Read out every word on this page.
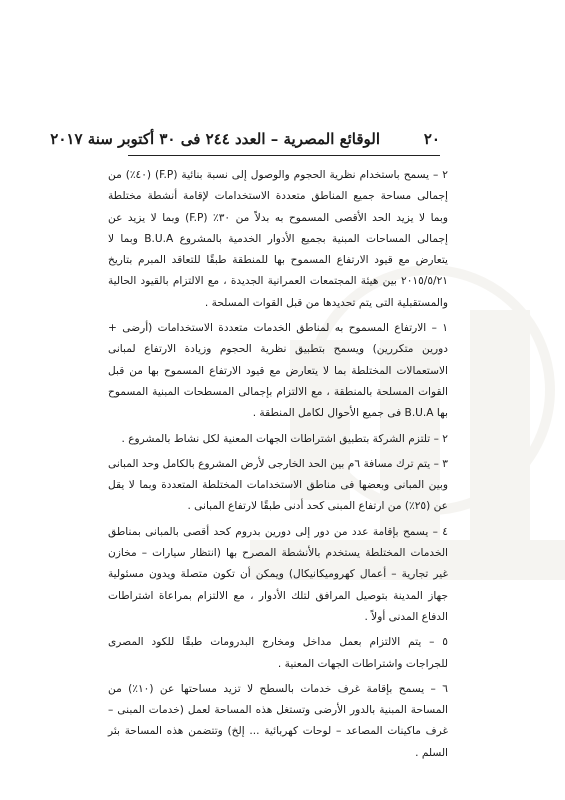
٢٠
الوقائع المصرية – العدد ٢٤٤ فى ٣٠ أكتوبر سنة ٢٠١٧

٢ – يسمح باستخدام نظرية الحجوم والوصول إلى نسبة بنائية (F.P) (٤٠٪) من إجمالى مساحة جميع المناطق متعددة الاستخدامات لإقامة أنشطة مختلطة وبما لا يزيد الحد الأقصى المسموح به بدلاً من ٣٠٪ (F.P) وبما لا يزيد عن إجمالى المساحات المبنية بجميع الأدوار الخدمية بالمشروع B.U.A وبما لا يتعارض مع قيود الارتفاع المسموح بها للمنطقة طبقًا للتعاقد المبرم بتاريخ ٢٠١٥/٥/٢١ بين هيئة المجتمعات العمرانية الجديدة ، مع الالتزام بالقيود الحالية والمستقبلية التى يتم تحديدها من قبل القوات المسلحة .

١ – الارتفاع المسموح به لمناطق الخدمات متعددة الاستخدامات (أرضى + دورين متكررين) ويسمح بتطبيق نظرية الحجوم وزيادة الارتفاع لمبانى الاستعمالات المختلطة بما لا يتعارض مع قيود الارتفاع المسموح بها من قبل القوات المسلحة بالمنطقة ، مع الالتزام بإجمالى المسطحات المبنية المسموح بها B.U.A فى جميع الأحوال لكامل المنطقة .

٢ – تلتزم الشركة بتطبيق اشتراطات الجهات المعنية لكل نشاط بالمشروع .

٣ – يتم ترك مسافة ٦م بين الحد الخارجى لأرض المشروع بالكامل وحد المبانى وبين المبانى وبعضها فى مناطق الاستخدامات المختلطة المتعددة وبما لا يقل عن (٢٥٪) من ارتفاع المبنى كحد أدنى طبقًا لارتفاع المبانى .

٤ – يسمح بإقامة عدد من دور إلى دورين بدروم كحد أقصى بالمبانى بمناطق الخدمات المختلطة يستخدم بالأنشطة المصرح بها (انتظار سيارات – مخازن غير تجارية – أعمال كهروميكانيكال) ويمكن أن تكون متصلة ويدون مسئولية جهاز المدينة بتوصيل المرافق لتلك الأدوار ، مع الالتزام بمراعاة اشتراطات الدفاع المدنى أولاً .

٥ – يتم الالتزام بعمل مداخل ومخارج البدرومات طبقًا للكود المصرى للجراجات واشتراطات الجهات المعنية .

٦ – يسمح بإقامة غرف خدمات بالسطح لا تزيد مساحتها عن (١٠٪) من المساحة المبنية بالدور الأرضى وتستغل هذه المساحة لعمل (خدمات المبنى – غرف ماكينات المصاعد – لوحات كهربائية ... إلخ) وتتضمن هذه المساحة بئر السلم .
